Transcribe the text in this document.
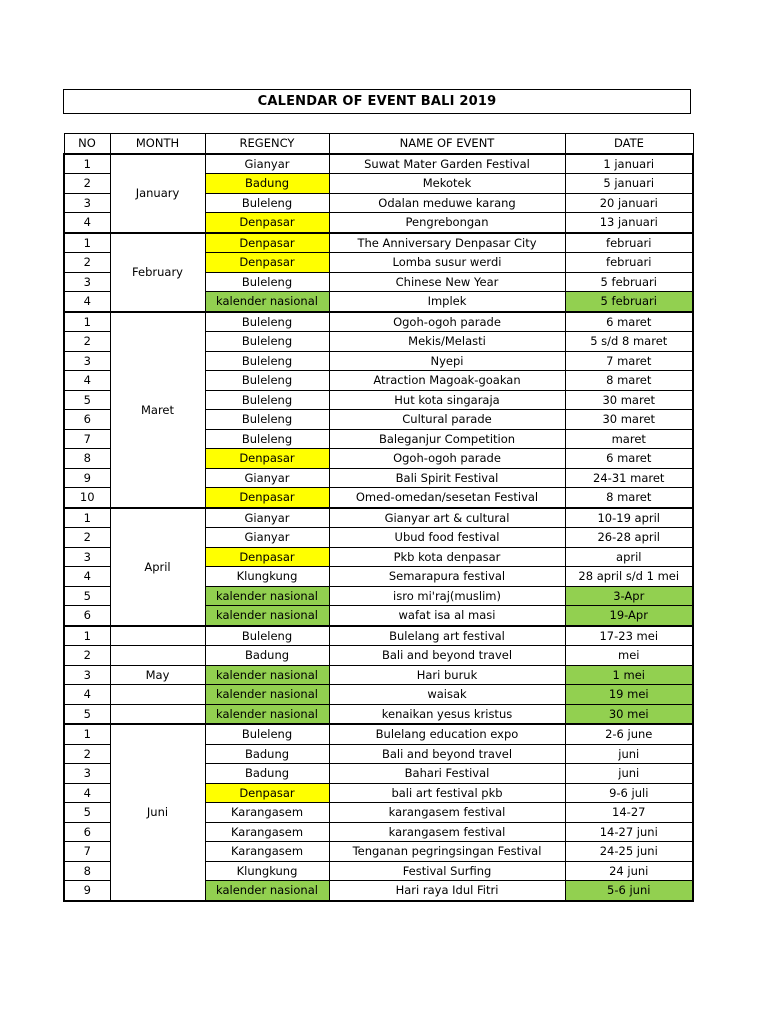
CALENDAR OF EVENT BALI 2019
NO	MONTH	REGENCY	NAME OF EVENT	DATE
1	January	Gianyar	Suwat Mater Garden Festival	1 januari
2		Badung	Mekotek	5 januari
3		Buleleng	Odalan meduwe karang	20 januari
4		Denpasar	Pengrebongan	13 januari
1	February	Denpasar	The Anniversary Denpasar City	februari
2		Denpasar	Lomba susur werdi	februari
3		Buleleng	Chinese New Year	5 februari
4		kalender nasional	Implek	5 februari
1	Maret	Buleleng	Ogoh-ogoh parade	6 maret
2		Buleleng	Mekis/Melasti	5 s/d 8 maret
3		Buleleng	Nyepi	7 maret
4		Buleleng	Atraction Magoak-goakan	8 maret
5		Buleleng	Hut kota singaraja	30 maret
6		Buleleng	Cultural parade	30 maret
7		Buleleng	Baleganjur Competition	maret
8		Denpasar	Ogoh-ogoh parade	6 maret
9		Gianyar	Bali Spirit Festival	24-31 maret
10		Denpasar	Omed-omedan/sesetan Festival	8 maret
1	April	Gianyar	Gianyar art & cultural	10-19 april
2		Gianyar	Ubud food festival	26-28 april
3		Denpasar	Pkb kota denpasar	april
4		Klungkung	Semarapura festival	28 april s/d 1 mei
5		kalender nasional	isro mi'raj(muslim)	3-Apr
6		kalender nasional	wafat isa al masi	19-Apr
1		Buleleng	Bulelang art festival	17-23 mei
2		Badung	Bali and beyond travel	mei
3	May	kalender nasional	Hari buruk	1 mei
4		kalender nasional	waisak	19 mei
5		kalender nasional	kenaikan yesus kristus	30 mei
1	Juni	Buleleng	Bulelang education expo	2-6 june
2		Badung	Bali and beyond travel	juni
3		Badung	Bahari Festival	juni
4		Denpasar	bali art festival pkb	9-6 juli
5		Karangasem	karangasem festival	14-27
6		Karangasem	karangasem festival	14-27 juni
7		Karangasem	Tenganan pegringsingan Festival	24-25 juni
8		Klungkung	Festival Surfing	24 juni
9		kalender nasional	Hari raya Idul Fitri	5-6 juni
